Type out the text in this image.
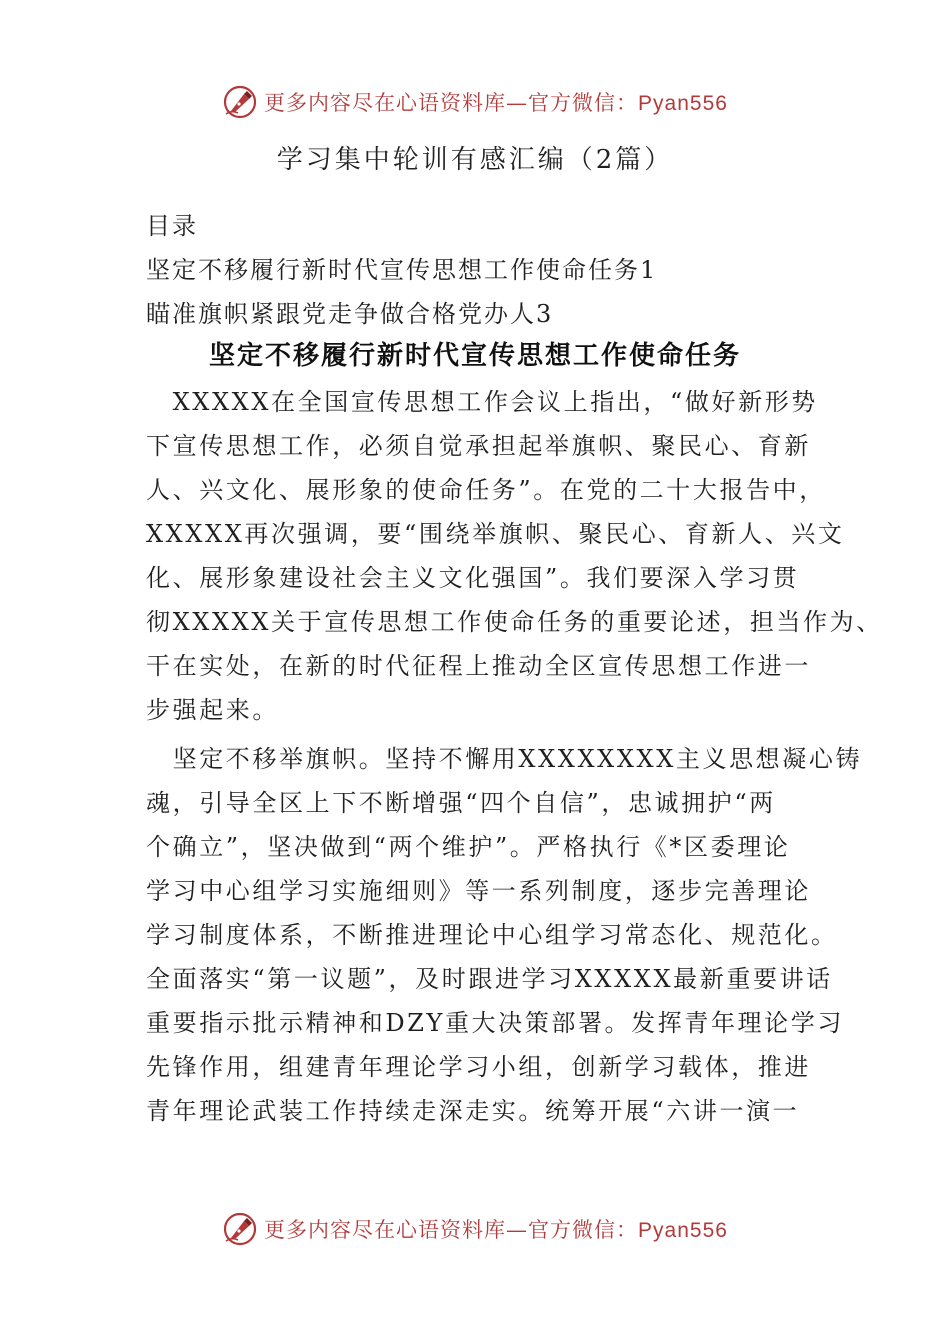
更多内容尽在心语资料库—官方微信：Pyan556
学习集中轮训有感汇编（2篇）
目录
坚定不移履行新时代宣传思想工作使命任务1
瞄准旗帜紧跟党走争做合格党办人3
坚定不移履行新时代宣传思想工作使命任务
　XXXXX在全国宣传思想工作会议上指出，“做好新形势
下宣传思想工作，必须自觉承担起举旗帜、聚民心、育新
人、兴文化、展形象的使命任务”。在党的二十大报告中，
XXXXX再次强调，要“围绕举旗帜、聚民心、育新人、兴文
化、展形象建设社会主义文化强国”。我们要深入学习贯
彻XXXXX关于宣传思想工作使命任务的重要论述，担当作为、
干在实处，在新的时代征程上推动全区宣传思想工作进一
步强起来。
　坚定不移举旗帜。坚持不懈用XXXXXXXX主义思想凝心铸
魂，引导全区上下不断增强“四个自信”，忠诚拥护“两
个确立”，坚决做到“两个维护”。严格执行《*区委理论
学习中心组学习实施细则》等一系列制度，逐步完善理论
学习制度体系，不断推进理论中心组学习常态化、规范化。
全面落实“第一议题”，及时跟进学习XXXXX最新重要讲话
重要指示批示精神和DZY重大决策部署。发挥青年理论学习
先锋作用，组建青年理论学习小组，创新学习载体，推进
青年理论武装工作持续走深走实。统筹开展“六讲一演一
更多内容尽在心语资料库—官方微信：Pyan556
